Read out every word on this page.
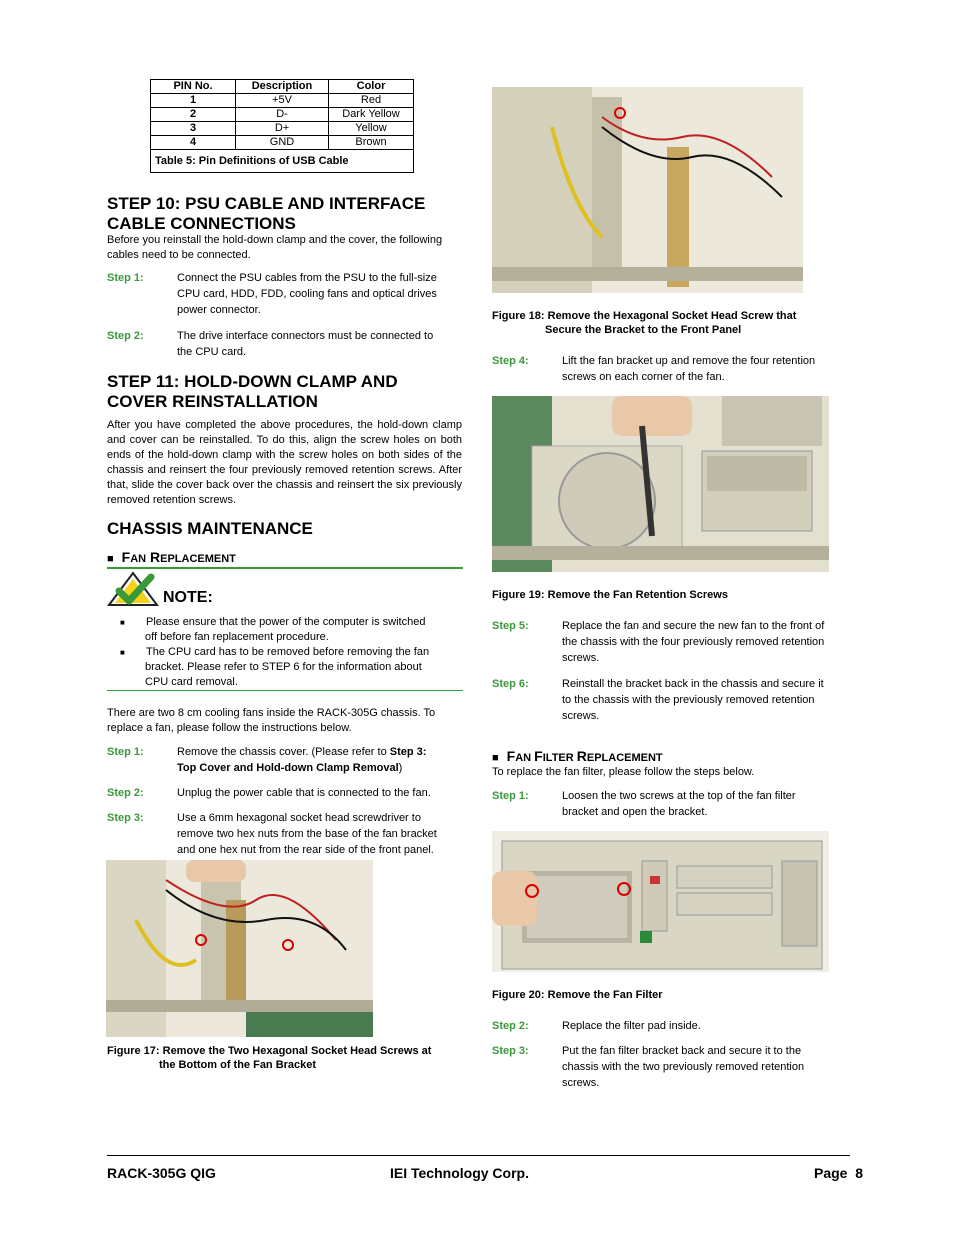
PIN No.	Description	Color
1	+5V	Red
2	D-	Dark Yellow
3	D+	Yellow
4	GND	Brown
Table 5: Pin Definitions of USB Cable		
STEP 10: PSU CABLE AND INTERFACE
CABLE CONNECTIONS
Before you reinstall the hold-down clamp and the cover, the following
cables need to be connected.
Step 1:	Connect the PSU cables from the PSU to the full-size
CPU card, HDD, FDD, cooling fans and optical drives
power connector.
Step 2:	The drive interface connectors must be connected to
the CPU card.
STEP 11: HOLD-DOWN CLAMP AND
COVER REINSTALLATION
After you have completed the above procedures, the hold-down clamp and cover can be reinstalled. To do this, align the screw holes on both ends of the hold-down clamp with the screw holes on both sides of the chassis and reinsert the four previously removed retention screws. After that, slide the cover back over the chassis and reinsert the six previously removed retention screws.
CHASSIS MAINTENANCE
■ FAN REPLACEMENT
NOTE:
■ Please ensure that the power of the computer is switched
off before fan replacement procedure.
■ The CPU card has to be removed before removing the fan
bracket. Please refer to STEP 6 for the information about
CPU card removal.
There are two 8 cm cooling fans inside the RACK-305G chassis. To
replace a fan, please follow the instructions below.
Step 1:	Remove the chassis cover. (Please refer to Step 3:
Top Cover and Hold-down Clamp Removal)
Step 2:	Unplug the power cable that is connected to the fan.
Step 3:	Use a 6mm hexagonal socket head screwdriver to
remove two hex nuts from the base of the fan bracket
and one hex nut from the rear side of the front panel.
Figure 17: Remove the Two Hexagonal Socket Head Screws at
the Bottom of the Fan Bracket
Figure 18: Remove the Hexagonal Socket Head Screw that
Secure the Bracket to the Front Panel
Step 4:	Lift the fan bracket up and remove the four retention
screws on each corner of the fan.
Figure 19: Remove the Fan Retention Screws
Step 5:	Replace the fan and secure the new fan to the front of
the chassis with the four previously removed retention
screws.
Step 6:	Reinstall the bracket back in the chassis and secure it
to the chassis with the previously removed retention
screws.
■ FAN FILTER REPLACEMENT
To replace the fan filter, please follow the steps below.
Step 1:	Loosen the two screws at the top of the fan filter
bracket and open the bracket.
Figure 20: Remove the Fan Filter
Step 2:	Replace the filter pad inside.
Step 3:	Put the fan filter bracket back and secure it to the
chassis with the two previously removed retention
screws.
RACK-305G QIG	IEI Technology Corp.	Page 8
